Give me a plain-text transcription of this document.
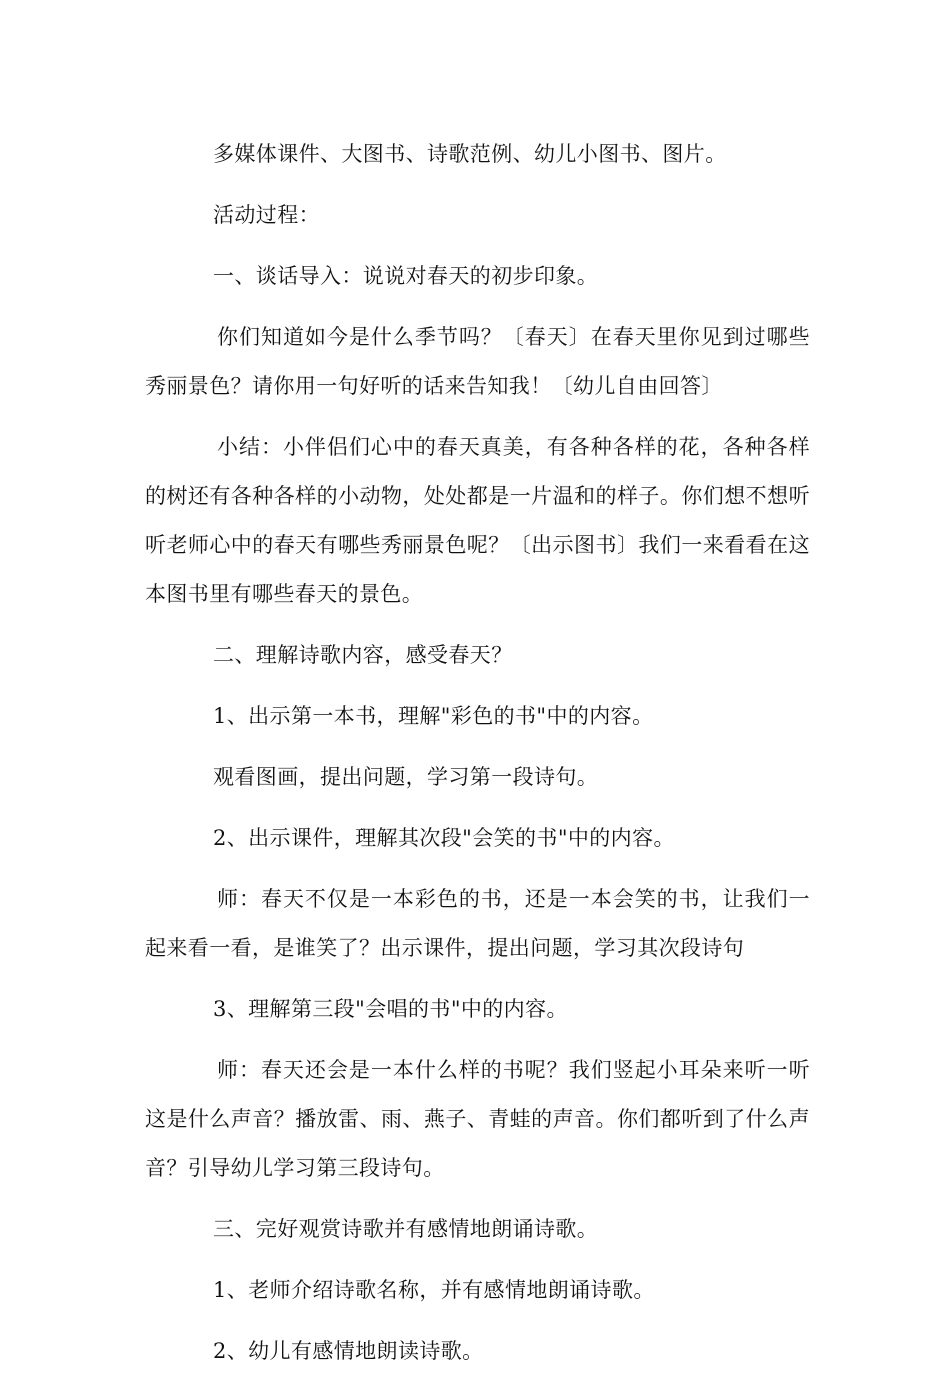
多媒体课件、大图书、诗歌范例、幼儿小图书、图片。

活动过程：

一、谈话导入：说说对春天的初步印象。

你们知道如今是什么季节吗？〔春天〕在春天里你见到过哪些秀丽景色？请你用一句好听的话来告知我！〔幼儿自由回答〕

小结：小伴侣们心中的春天真美，有各种各样的花，各种各样的树还有各种各样的小动物，处处都是一片温和的样子。你们想不想听听老师心中的春天有哪些秀丽景色呢？〔出示图书〕我们一来看看在这本图书里有哪些春天的景色。

二、理解诗歌内容，感受春天？

1、出示第一本书，理解"彩色的书"中的内容。

观看图画，提出问题，学习第一段诗句。

2、出示课件，理解其次段"会笑的书"中的内容。

师：春天不仅是一本彩色的书，还是一本会笑的书，让我们一起来看一看，是谁笑了？出示课件，提出问题，学习其次段诗句

3、理解第三段"会唱的书"中的内容。

师：春天还会是一本什么样的书呢？我们竖起小耳朵来听一听这是什么声音？播放雷、雨、燕子、青蛙的声音。你们都听到了什么声音？引导幼儿学习第三段诗句。

三、完好观赏诗歌并有感情地朗诵诗歌。

1、老师介绍诗歌名称，并有感情地朗诵诗歌。

2、幼儿有感情地朗读诗歌。
